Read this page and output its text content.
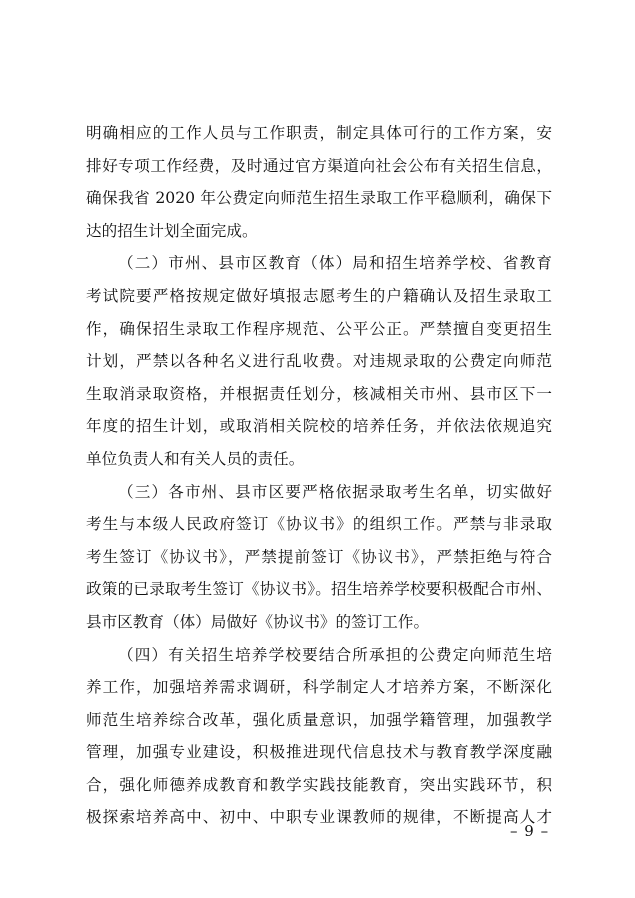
明确相应的工作人员与工作职责，制定具体可行的工作方案，安
排好专项工作经费，及时通过官方渠道向社会公布有关招生信息，
确保我省 2020 年公费定向师范生招生录取工作平稳顺利，确保下
达的招生计划全面完成。
（二）市州、县市区教育（体）局和招生培养学校、省教育
考试院要严格按规定做好填报志愿考生的户籍确认及招生录取工
作，确保招生录取工作程序规范、公平公正。严禁擅自变更招生
计划，严禁以各种名义进行乱收费。对违规录取的公费定向师范
生取消录取资格，并根据责任划分，核减相关市州、县市区下一
年度的招生计划，或取消相关院校的培养任务，并依法依规追究
单位负责人和有关人员的责任。
（三）各市州、县市区要严格依据录取考生名单，切实做好
考生与本级人民政府签订《协议书》的组织工作。严禁与非录取
考生签订《协议书》，严禁提前签订《协议书》，严禁拒绝与符合
政策的已录取考生签订《协议书》。招生培养学校要积极配合市州、
县市区教育（体）局做好《协议书》的签订工作。
（四）有关招生培养学校要结合所承担的公费定向师范生培
养工作，加强培养需求调研，科学制定人才培养方案，不断深化
师范生培养综合改革，强化质量意识，加强学籍管理，加强教学
管理，加强专业建设，积极推进现代信息技术与教育教学深度融
合，强化师德养成教育和教学实践技能教育，突出实践环节，积
极探索培养高中、初中、中职专业课教师的规律，不断提高人才
– 9 –
